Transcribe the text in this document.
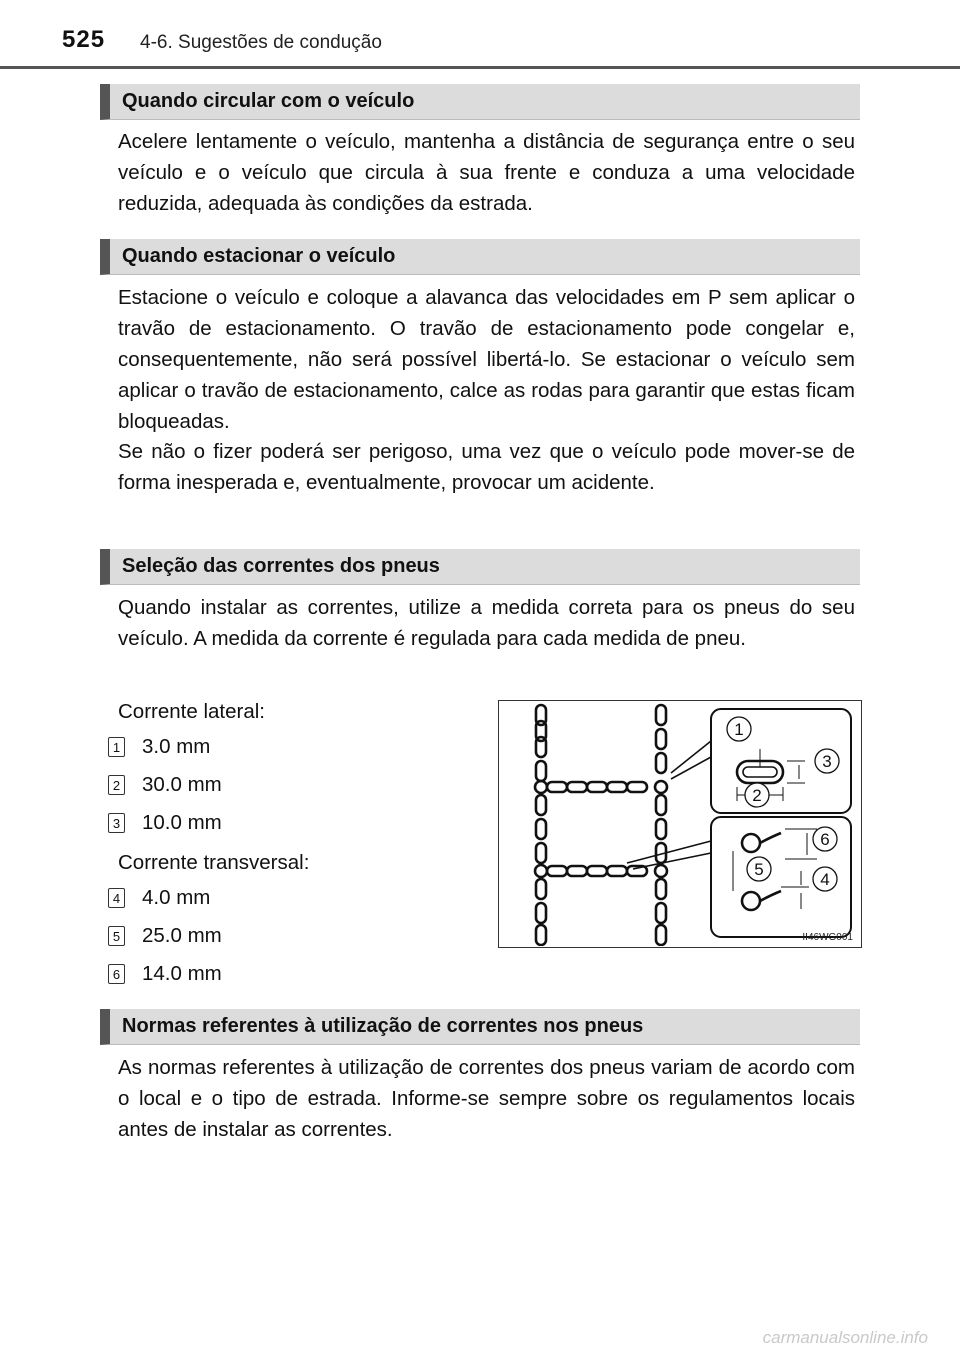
525 4-6. Sugestões de condução
Quando circular com o veículo

Acelere lentamente o veículo, mantenha a distância de segurança entre o seu veículo e o veículo que circula à sua frente e conduza a uma velocidade reduzida, adequada às condições da estrada.

Quando estacionar o veículo

Estacione o veículo e coloque a alavanca das velocidades em P sem aplicar o travão de estacionamento. O travão de estacionamento pode congelar e, consequentemente, não será possível libertá-lo. Se estacionar o veículo sem aplicar o travão de estacionamento, calce as rodas para garantir que estas ficam bloqueadas.

Se não o fizer poderá ser perigoso, uma vez que o veículo pode mover-se de forma inesperada e, eventualmente, provocar um acidente.

Seleção das correntes dos pneus

Quando instalar as correntes, utilize a medida correta para os pneus do seu veículo. A medida da corrente é regulada para cada medida de pneu.

Corrente lateral:
1 3.0 mm
2 30.0 mm
3 10.0 mm
Corrente transversal:
4 4.0 mm
5 25.0 mm
6 14.0 mm
1
2
3
4
5
6
II46WG001
Normas referentes à utilização de correntes nos pneus

As normas referentes à utilização de correntes dos pneus variam de acordo com o local e o tipo de estrada. Informe-se sempre sobre os regulamentos locais antes de instalar as correntes.

carmanualsonline.info
